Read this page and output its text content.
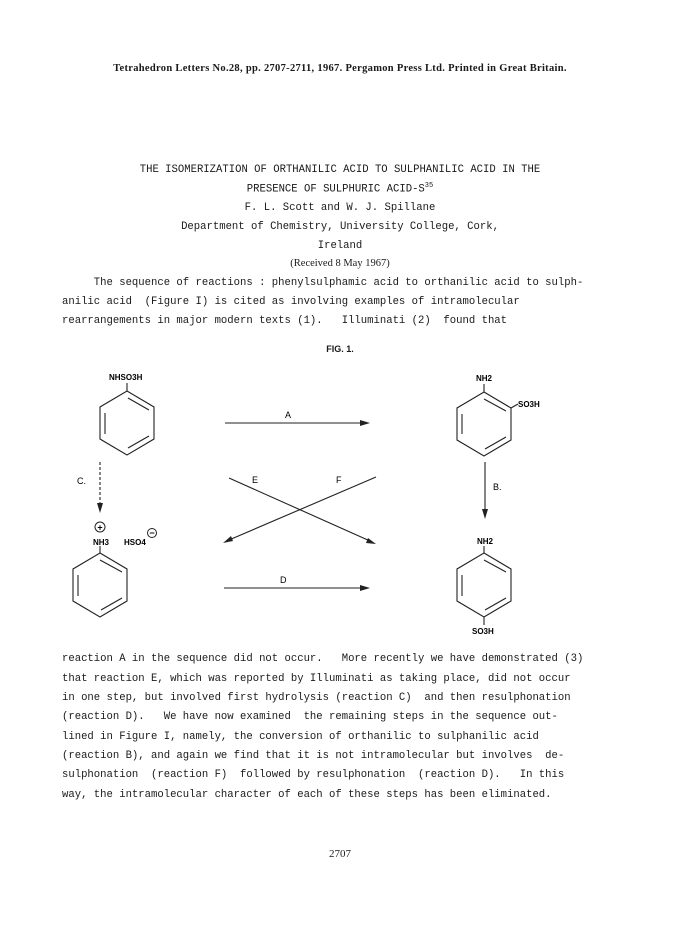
Tetrahedron Letters No.28, pp. 2707-2711, 1967. Pergamon Press Ltd. Printed in Great Britain.
THE ISOMERIZATION OF ORTHANILIC ACID TO SULPHANILIC ACID IN THE
PRESENCE OF SULPHURIC ACID-$S^{35}$
F. L. Scott and W. J. Spillane
Department of Chemistry, University College, Cork,
Ireland
(Received 8 May 1967)
The sequence of reactions : phenylsulphamic acid to orthanilic acid to sulph-
anilic acid  (Figure I) is cited as involving examples of intramolecular
rearrangements in major modern texts (1).   Illuminati (2)  found that
FIG. 1.
+
−
A
B.
C.
D
E	F
NHSO3H	NH2
SO3H
NH3 HSO4	NH2
SO3H
reaction A in the sequence did not occur.   More recently we have demonstrated (3)
that reaction E, which was reported by Illuminati as taking place, did not occur
in one step, but involved first hydrolysis (reaction C)  and then resulphonation
(reaction D).   We have now examined  the remaining steps in the sequence out-
lined in Figure I, namely, the conversion of orthanilic to sulphanilic acid
(reaction B), and again we find that it is not intramolecular but involves  de-
sulphonation  (reaction F)  followed by resulphonation  (reaction D).   In this
way, the intramolecular character of each of these steps has been eliminated.
2707
